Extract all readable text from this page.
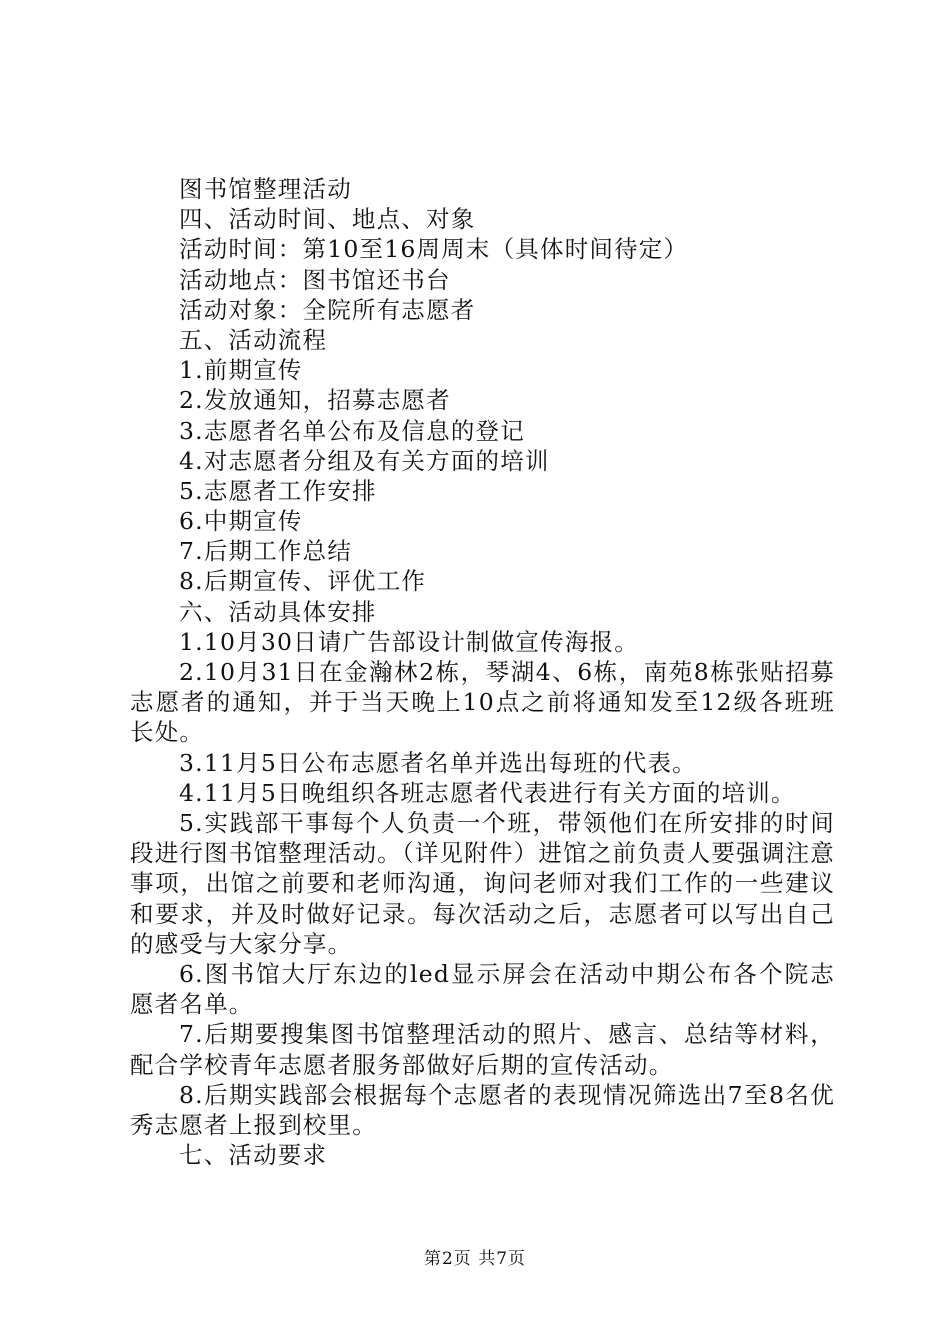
图书馆整理活动
四、活动时间、地点、对象
活动时间：第10至16周周末（具体时间待定）
活动地点：图书馆还书台
活动对象：全院所有志愿者
五、活动流程
1.前期宣传
2.发放通知，招募志愿者
3.志愿者名单公布及信息的登记
4.对志愿者分组及有关方面的培训
5.志愿者工作安排
6.中期宣传
7.后期工作总结
8.后期宣传、评优工作
六、活动具体安排
1.10月30日请广告部设计制做宣传海报。

2.10月31日在金瀚林2栋，琴湖4、6栋，南苑8栋张贴招募志愿者的通知，并于当天晚上10点之前将通知发至12级各班班长处。

3.11月5日公布志愿者名单并选出每班的代表。

4.11月5日晚组织各班志愿者代表进行有关方面的培训。

5.实践部干事每个人负责一个班，带领他们在所安排的时间段进行图书馆整理活动。（详见附件）进馆之前负责人要强调注意事项，出馆之前要和老师沟通，询问老师对我们工作的一些建议和要求，并及时做好记录。每次活动之后，志愿者可以写出自己的感受与大家分享。

6.图书馆大厅东边的led显示屏会在活动中期公布各个院志愿者名单。

7.后期要搜集图书馆整理活动的照片、感言、总结等材料，配合学校青年志愿者服务部做好后期的宣传活动。

8.后期实践部会根据每个志愿者的表现情况筛选出7至8名优秀志愿者上报到校里。

七、活动要求
第2页 共7页
